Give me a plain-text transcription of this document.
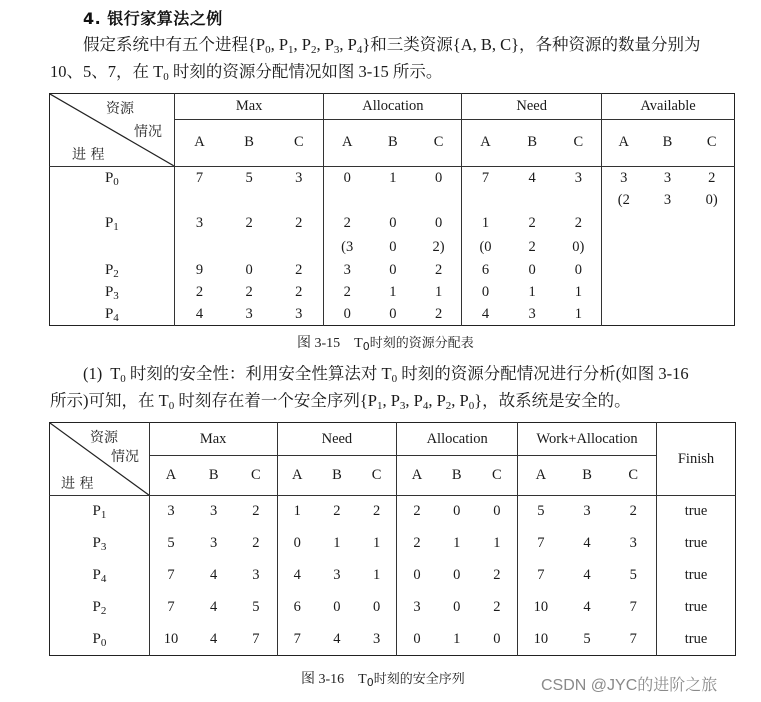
4. 银行家算法之例
假定系统中有五个进程{$P_0$, $P_1$, $P_2$, $P_3$, $P_4$}和三类资源{A, B, C}，各种资源的数量分别为
10、5、7，在 $T_0$ 时刻的资源分配情况如图 3-15 所示。
资源
情况
进 程	Max			Allocation			Need			Available		
	A	B	C	A	B	C	A	B	C	A	B	C
$P_0$	7	5	3	0	1	0	7	4	3	3	3	2
										(2	3	0)
$P_1$	3	2	2	2	0	0	1	2	2			
				(3	0	2)	(0	2	0)			
$P_2$	9	0	2	3	0	2	6	0	0			
$P_3$	2	2	2	2	1	1	0	1	1			
$P_4$	4	3	3	0	0	2	4	3	1			
图 3-15 $T_0$时刻的资源分配表
(1)  $T_0$ 时刻的安全性：利用安全性算法对 $T_0$ 时刻的资源分配情况进行分析(如图 3-16
所示)可知，在 $T_0$ 时刻存在着一个安全序列{$P_1$, $P_3$, $P_4$, $P_2$, $P_0$}，故系统是安全的。
资源
情况
进 程	Max			Need			Allocation			Work+Allocation			Finish
	A	B	C	A	B	C	A	B	C	A	B	C	
$P_1$	3	3	2	1	2	2	2	0	0	5	3	2	true
$P_3$	5	3	2	0	1	1	2	1	1	7	4	3	true
$P_4$	7	4	3	4	3	1	0	0	2	7	4	5	true
$P_2$	7	4	5	6	0	0	3	0	2	10	4	7	true
$P_0$	10	4	7	7	4	3	0	1	0	10	5	7	true
图 3-16 $T_0$时刻的安全序列	CSDN @JYC的进阶之旅
